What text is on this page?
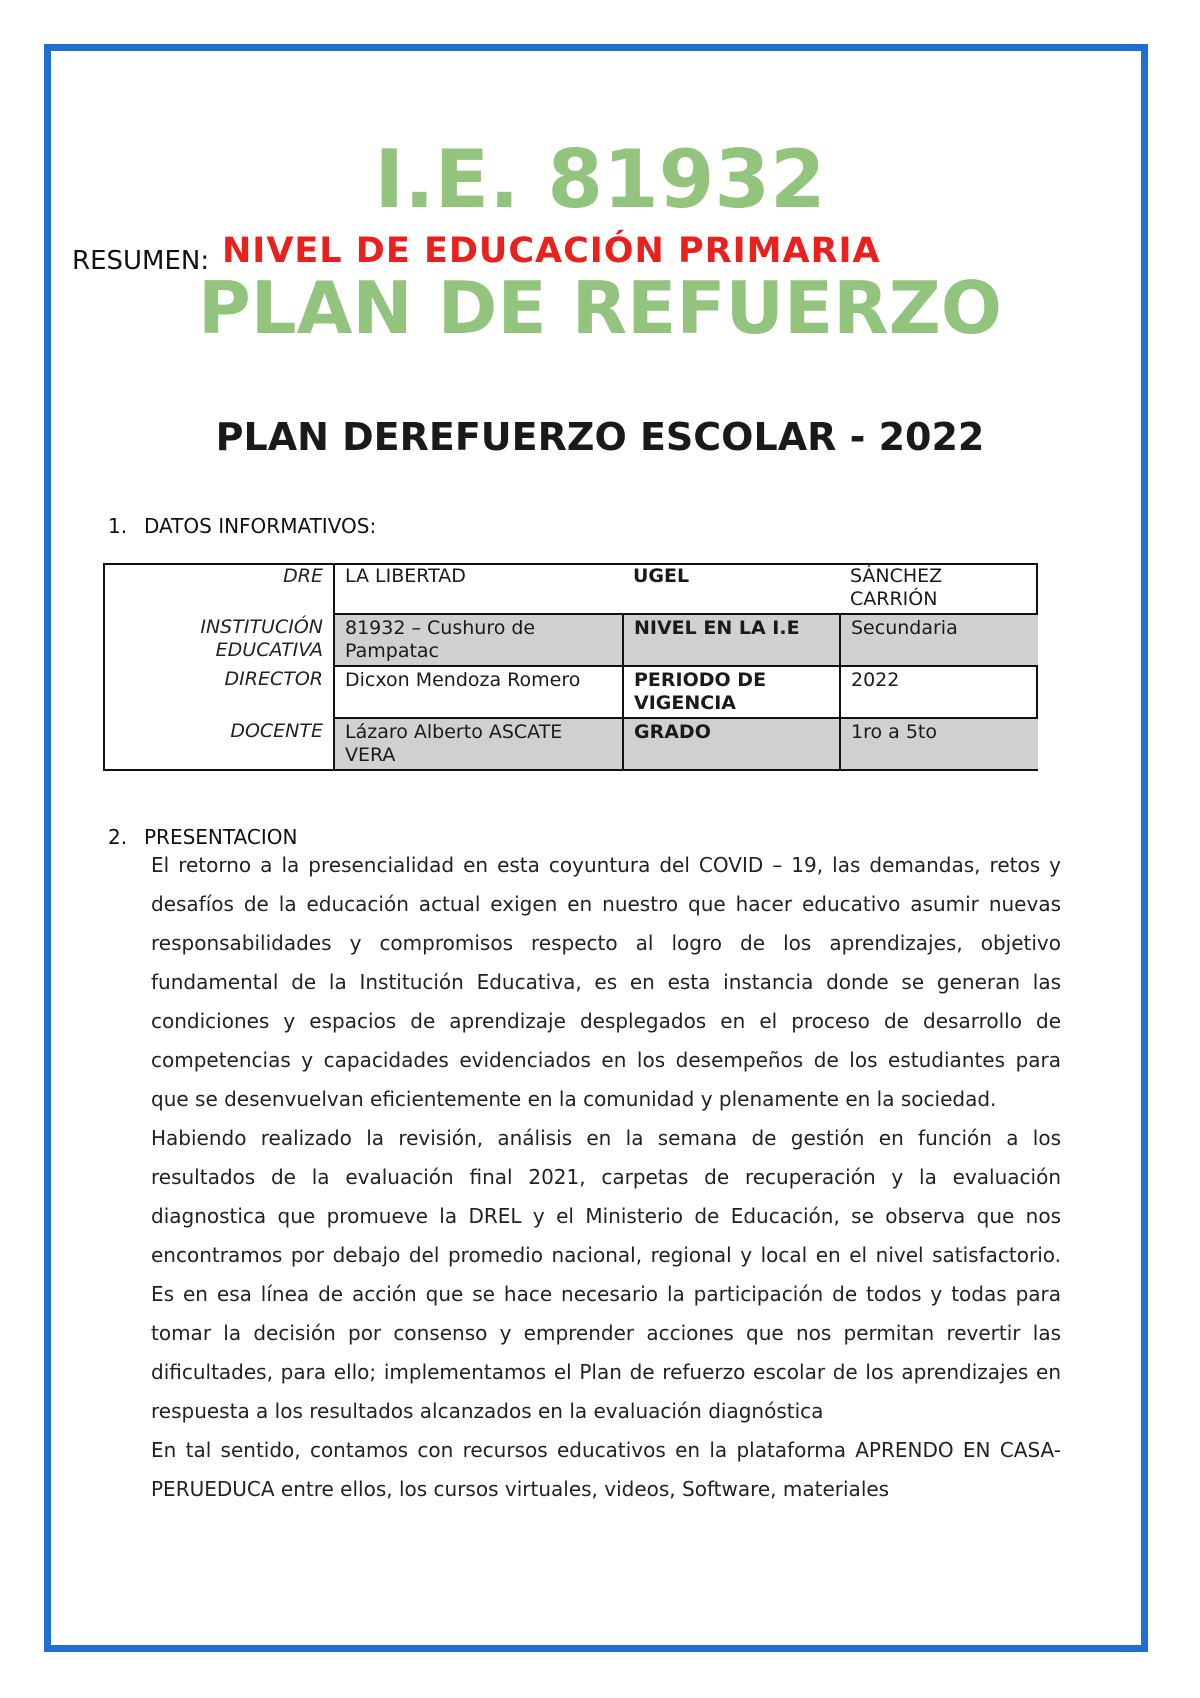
I.E. 81932
RESUMEN: NIVEL DE EDUCACIÓN PRIMARIA
PLAN DE REFUERZO
PLAN DEREFUERZO ESCOLAR - 2022
1. DATOS INFORMATIVOS:
DRE	LA LIBERTAD	UGEL	SÁNCHEZ CARRIÓN
INSTITUCIÓN EDUCATIVA	81932 – Cushuro de Pampatac	NIVEL EN LA I.E	Secundaria
DIRECTOR	Dicxon Mendoza Romero	PERIODO DE VIGENCIA	2022
DOCENTE	Lázaro Alberto ASCATE VERA	GRADO	1ro a 5to
2. PRESENTACION

El retorno a la presencialidad en esta coyuntura del COVID – 19, las demandas, retos y desafíos de la educación actual exigen en nuestro que hacer educativo asumir nuevas responsabilidades y compromisos respecto al logro de los aprendizajes, objetivo fundamental de la Institución Educativa, es en esta instancia donde se generan las condiciones y espacios de aprendizaje desplegados en el proceso de desarrollo de competencias y capacidades evidenciados en los desempeños de los estudiantes para que se desenvuelvan eficientemente en la comunidad y plenamente en la sociedad.

Habiendo realizado la revisión, análisis en la semana de gestión en función a los resultados de la evaluación final 2021, carpetas de recuperación y la evaluación diagnostica que promueve la DREL y el Ministerio de Educación, se observa que nos encontramos por debajo del promedio nacional, regional y local en el nivel satisfactorio. Es en esa línea de acción que se hace necesario la participación de todos y todas para tomar la decisión por consenso y emprender acciones que nos permitan revertir las dificultades, para ello; implementamos el Plan de refuerzo escolar de los aprendizajes en respuesta a los resultados alcanzados en la evaluación diagnóstica

En tal sentido, contamos con recursos educativos en la plataforma APRENDO EN CASA-PERUEDUCA entre ellos, los cursos virtuales, videos, Software, materiales
